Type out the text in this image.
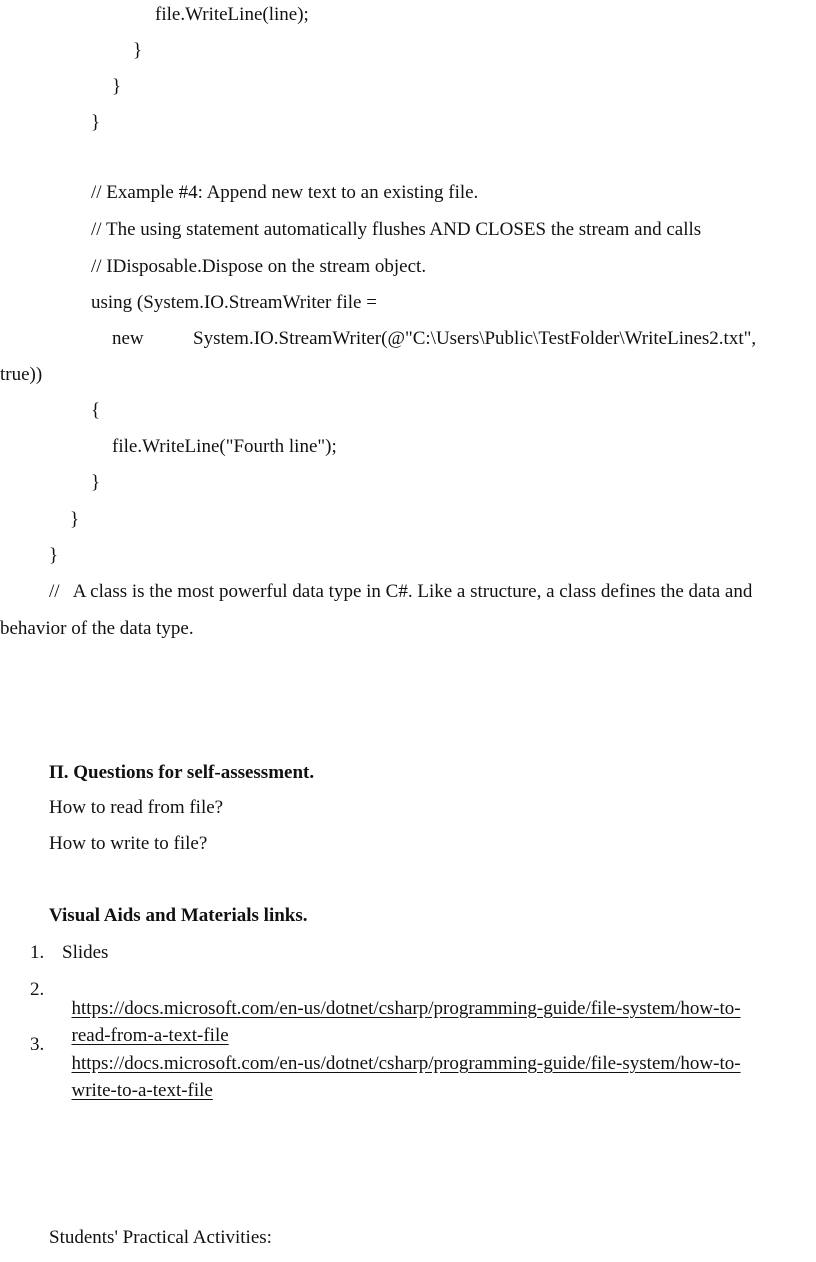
file.WriteLine(line);
}
}
}
// Example #4: Append new text to an existing file.
// The using statement automatically flushes AND CLOSES the stream and calls
// IDisposable.Dispose on the stream object.
using (System.IO.StreamWriter file =
new	System.IO.StreamWriter(@"C:\Users\Public\TestFolder\WriteLines2.txt",
true))
{
file.WriteLine("Fourth line");
}
}
}
//   A class is the most powerful data type in C#. Like a structure, a class defines the data and
behavior of the data type.
П. Questions for self-assessment.
How to read from file?
How to write to file?
Visual Aids and Materials links.
1. Slides
2.

https://docs.microsoft.com/en-us/dotnet/csharp/programming-guide/file-system/how-to-

read-from-a-text-file

3.

https://docs.microsoft.com/en-us/dotnet/csharp/programming-guide/file-system/how-to-

write-to-a-text-file

Students' Practical Activities:
